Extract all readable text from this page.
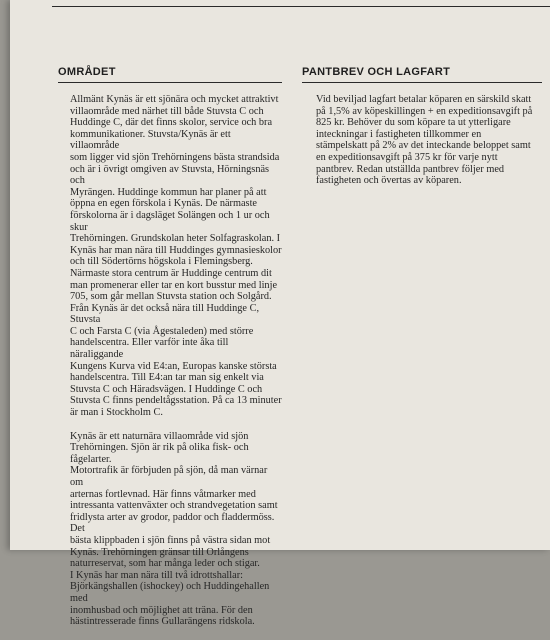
OMRÅDET

Allmänt Kynäs är ett sjönära och mycket attraktivt
villaområde med närhet till både Stuvsta C och
Huddinge C, där det finns skolor, service och bra
kommunikationer. Stuvsta/Kynäs är ett villaområde
som ligger vid sjön Trehörningens bästa strandsida
och är i övrigt omgiven av Stuvsta, Hörningsnäs och
Myrängen. Huddinge kommun har planer på att
öppna en egen förskola i Kynäs. De närmaste
förskolorna är i dagsläget Solängen och 1 ur och skur
Trehörningen. Grundskolan heter Solfagraskolan. I
Kynäs har man nära till Huddinges gymnasieskolor
och till Södertörns högskola i Flemingsberg.
Närmaste stora centrum är Huddinge centrum dit
man promenerar eller tar en kort busstur med linje
705, som går mellan Stuvsta station och Solgård.
Från Kynäs är det också nära till Huddinge C, Stuvsta
C och Farsta C (via Ågestaleden) med större
handelscentra. Eller varför inte åka till näraliggande
Kungens Kurva vid E4:an, Europas kanske största
handelscentra. Till E4:an tar man sig enkelt via
Stuvsta C och Häradsvägen. I Huddinge C och
Stuvsta C finns pendeltågsstation. På ca 13 minuter
är man i Stockholm C.

Kynäs är ett naturnära villaområde vid sjön
Trehörningen. Sjön är rik på olika fisk- och fågelarter.
Motortrafik är förbjuden på sjön, då man värnar om
arternas fortlevnad. Här finns våtmarker med
intressanta vattenväxter och strandvegetation samt
fridlysta arter av grodor, paddor och fladdermöss. Det
bästa klippbaden i sjön finns på västra sidan mot
Kynäs. Trehörningen gränsar till Orlångens
naturreservat, som har många leder och stigar.
I Kynäs har man nära till två idrottshallar:
Björkängshallen (ishockey) och Huddingehallen med
inomhusbad och möjlighet att träna. För den
hästintresserade finns Gullarängens ridskola.

PANTBREV OCH LAGFART

Vid beviljad lagfart betalar köparen en särskild skatt
på 1,5% av köpeskillingen + en expeditionsavgift på
825 kr. Behöver du som köpare ta ut ytterligare
inteckningar i fastigheten tillkommer en
stämpelskatt på 2% av det inteckande beloppet samt
en expeditionsavgift på 375 kr för varje nytt
pantbrev. Redan utställda pantbrev följer med
fastigheten och övertas av köparen.
